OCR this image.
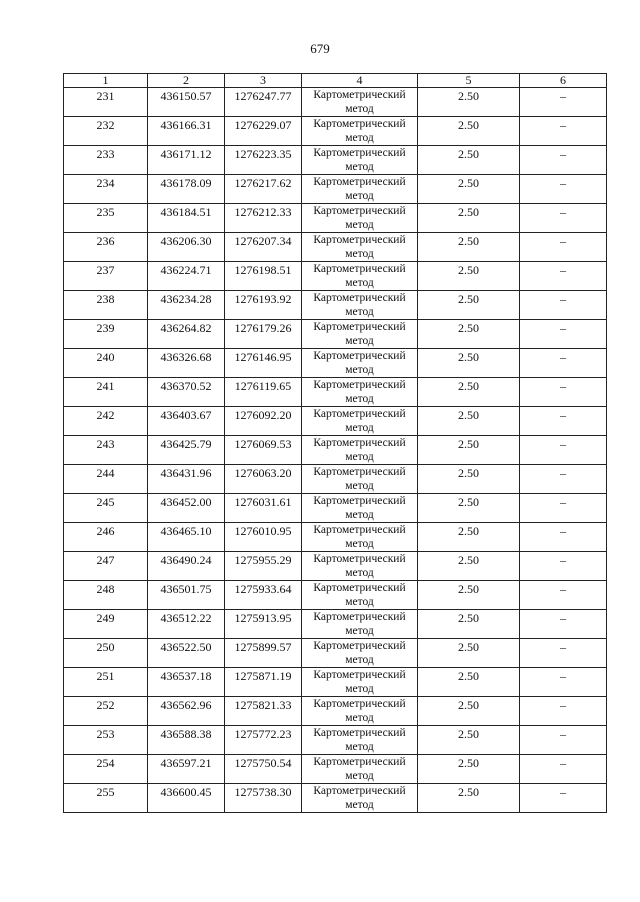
679
1	2	3	4	5	6
231	436150.57	1276247.77	Картометрический метод	2.50	–
232	436166.31	1276229.07	Картометрический метод	2.50	–
233	436171.12	1276223.35	Картометрический метод	2.50	–
234	436178.09	1276217.62	Картометрический метод	2.50	–
235	436184.51	1276212.33	Картометрический метод	2.50	–
236	436206.30	1276207.34	Картометрический метод	2.50	–
237	436224.71	1276198.51	Картометрический метод	2.50	–
238	436234.28	1276193.92	Картометрический метод	2.50	–
239	436264.82	1276179.26	Картометрический метод	2.50	–
240	436326.68	1276146.95	Картометрический метод	2.50	–
241	436370.52	1276119.65	Картометрический метод	2.50	–
242	436403.67	1276092.20	Картометрический метод	2.50	–
243	436425.79	1276069.53	Картометрический метод	2.50	–
244	436431.96	1276063.20	Картометрический метод	2.50	–
245	436452.00	1276031.61	Картометрический метод	2.50	–
246	436465.10	1276010.95	Картометрический метод	2.50	–
247	436490.24	1275955.29	Картометрический метод	2.50	–
248	436501.75	1275933.64	Картометрический метод	2.50	–
249	436512.22	1275913.95	Картометрический метод	2.50	–
250	436522.50	1275899.57	Картометрический метод	2.50	–
251	436537.18	1275871.19	Картометрический метод	2.50	–
252	436562.96	1275821.33	Картометрический метод	2.50	–
253	436588.38	1275772.23	Картометрический метод	2.50	–
254	436597.21	1275750.54	Картометрический метод	2.50	–
255	436600.45	1275738.30	Картометрический метод	2.50	–
